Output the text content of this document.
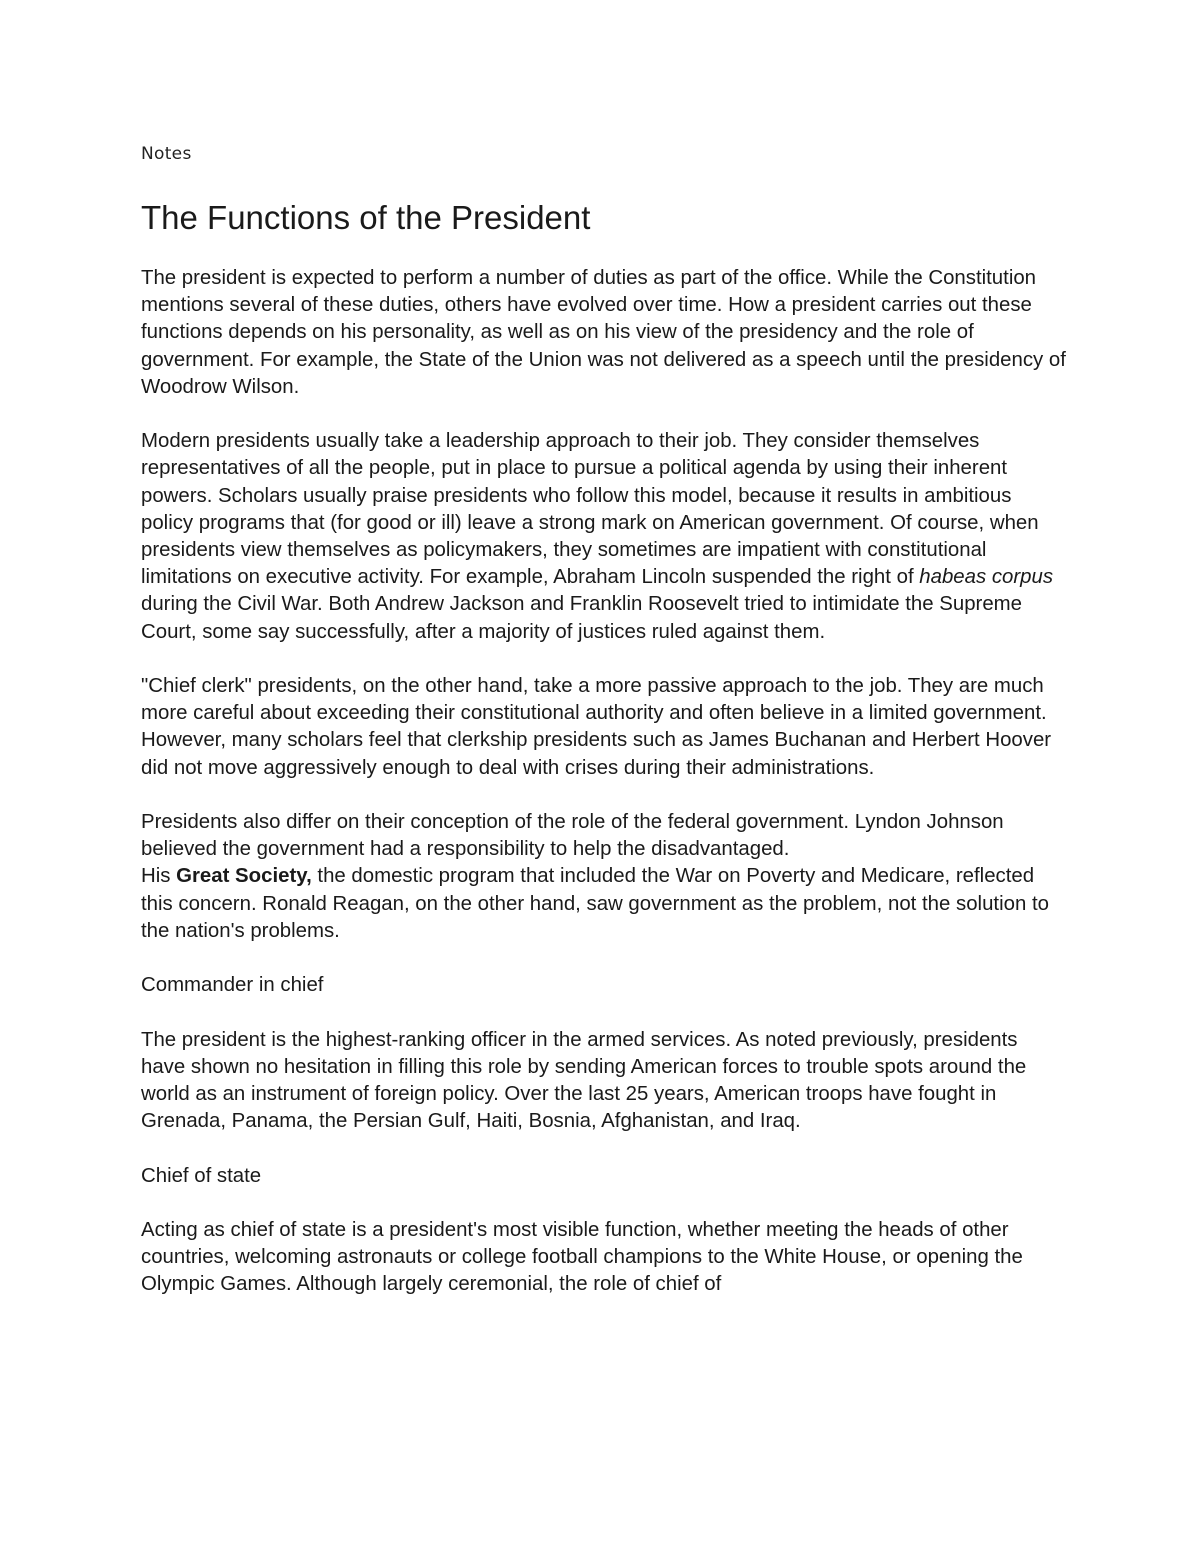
Notes
The Functions of the President

The president is expected to perform a number of duties as part of the office. While the Constitution mentions several of these duties, others have evolved over time. How a president carries out these functions depends on his personality, as well as on his view of the presidency and the role of government. For example, the State of the Union was not delivered as a speech until the presidency of Woodrow Wilson.

Modern presidents usually take a leadership approach to their job. They consider themselves representatives of all the people, put in place to pursue a political agenda by using their inherent powers. Scholars usually praise presidents who follow this model, because it results in ambitious policy programs that (for good or ill) leave a strong mark on American government. Of course, when presidents view themselves as policymakers, they sometimes are impatient with constitutional limitations on executive activity. For example, Abraham Lincoln suspended the right of habeas corpus during the Civil War. Both Andrew Jackson and Franklin Roosevelt tried to intimidate the Supreme Court, some say successfully, after a majority of justices ruled against them.

"Chief clerk" presidents, on the other hand, take a more passive approach to the job. They are much more careful about exceeding their constitutional authority and often believe in a limited government. However, many scholars feel that clerkship presidents such as James Buchanan and Herbert Hoover did not move aggressively enough to deal with crises during their administrations.

Presidents also differ on their conception of the role of the federal government. Lyndon Johnson believed the government had a responsibility to help the disadvantaged.
His Great Society, the domestic program that included the War on Poverty and Medicare, reflected this concern. Ronald Reagan, on the other hand, saw government as the problem, not the solution to the nation's problems.

Commander in chief

The president is the highest-ranking officer in the armed services. As noted previously, presidents have shown no hesitation in filling this role by sending American forces to trouble spots around the world as an instrument of foreign policy. Over the last 25 years, American troops have fought in Grenada, Panama, the Persian Gulf, Haiti, Bosnia, Afghanistan, and Iraq.

Chief of state

Acting as chief of state is a president's most visible function, whether meeting the heads of other countries, welcoming astronauts or college football champions to the White House, or opening the Olympic Games. Although largely ceremonial, the role of chief of
